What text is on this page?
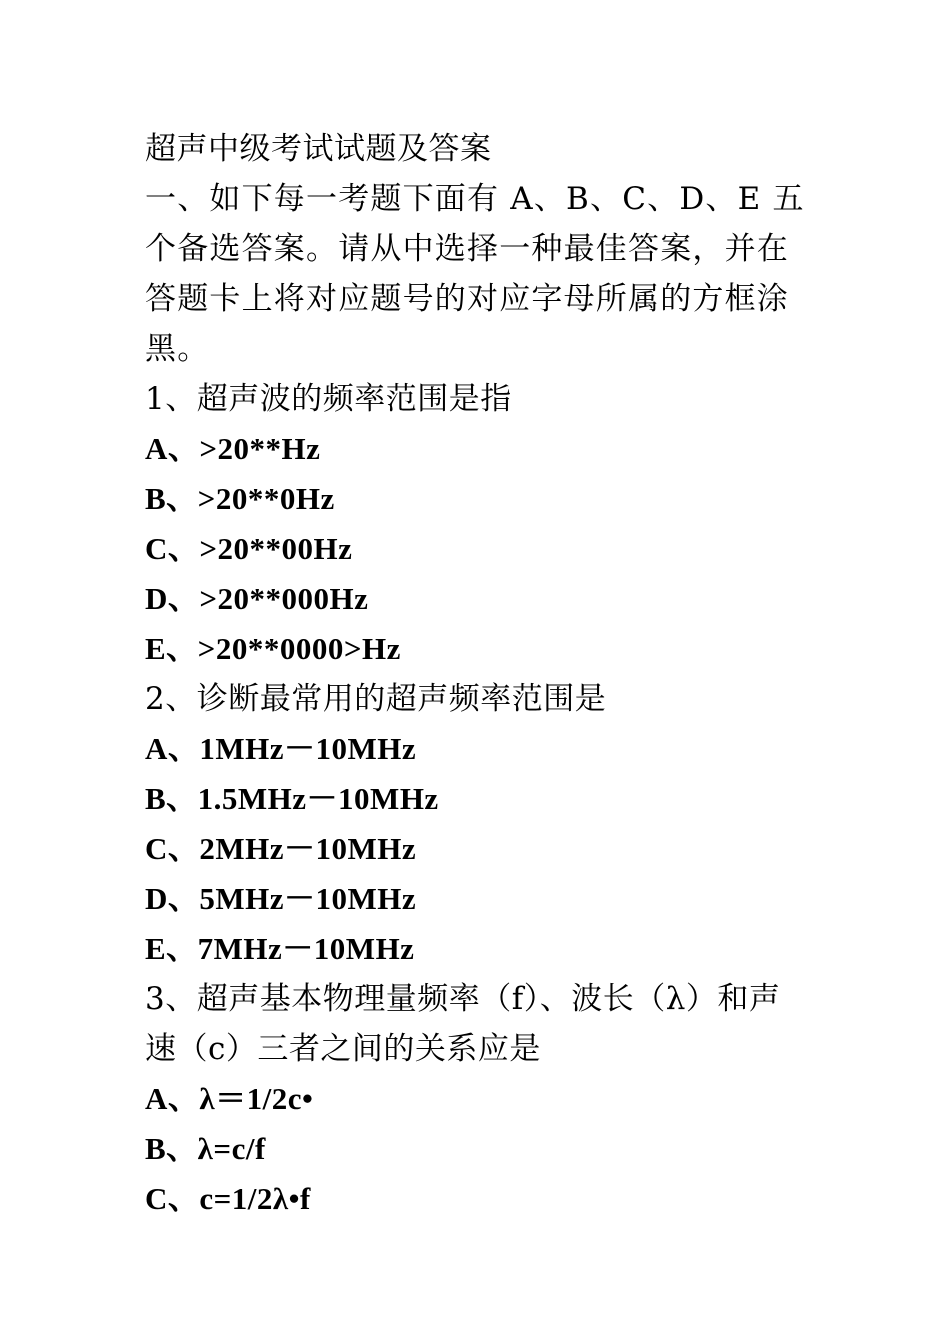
超声中级考试试题及答案
一、如下每一考题下面有 A、B、C、D、E 五
个备选答案。请从中选择一种最佳答案，并在
答题卡上将对应题号的对应字母所属的方框涂
黑。
1、超声波的频率范围是指
A、>20**Hz
B、>20**0Hz
C、>20**00Hz
D、>20**000Hz
E、>20**0000>Hz
2、诊断最常用的超声频率范围是
A、1MHz－10MHz
B、1.5MHz－10MHz
C、2MHz－10MHz
D、5MHz－10MHz
E、7MHz－10MHz
3、超声基本物理量频率（f）、波长（λ）和声
速（c）三者之间的关系应是
A、λ＝1/2c•
B、λ=c/f
C、c=1/2λ•f
